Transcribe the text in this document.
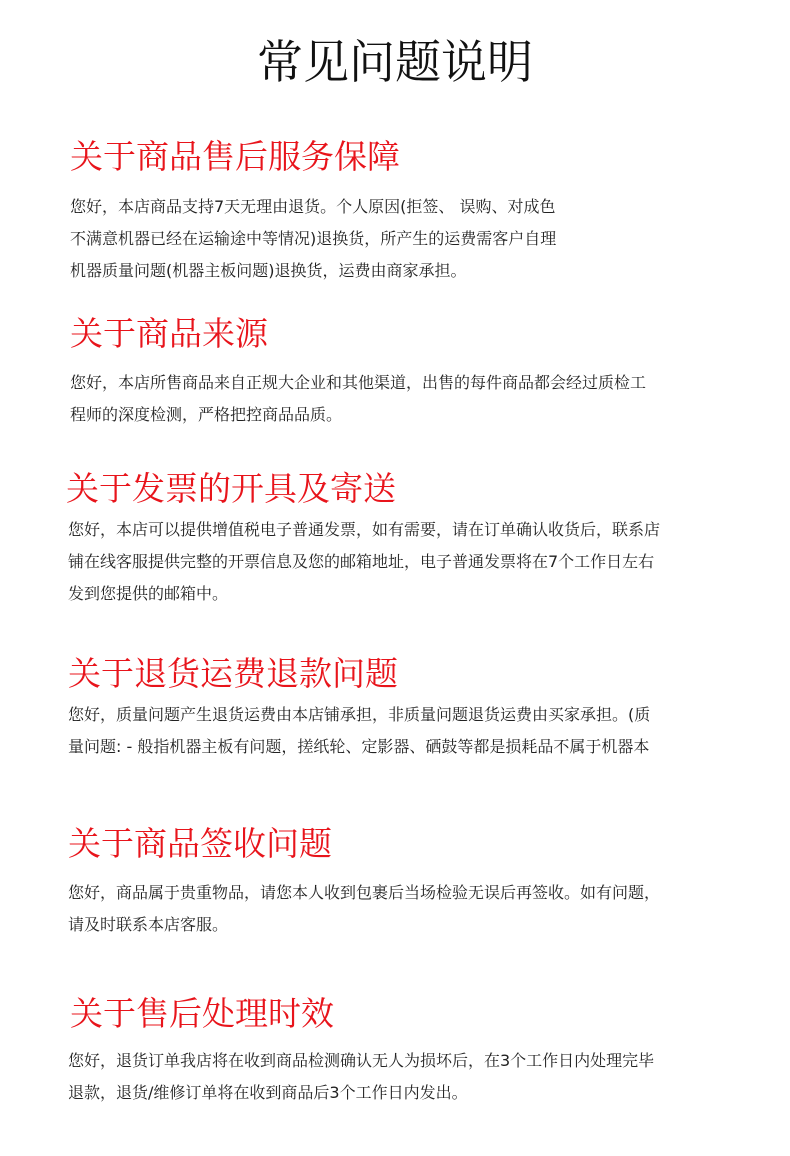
常见问题说明
关于商品售后服务保障

您好，本店商品支持7天无理由退货。个人原因(拒签、 误购、对成色
不满意机器已经在运输途中等情况)退换货，所产生的运费需客户自理
机器质量问题(机器主板问题)退换货，运费由商家承担。

关于商品来源

您好，本店所售商品来自正规大企业和其他渠道，出售的每件商品都会经过质检工
程师的深度检测，严格把控商品品质。

关于发票的开具及寄送

您好，本店可以提供增值税电子普通发票，如有需要，请在订单确认收货后，联系店
铺在线客服提供完整的开票信息及您的邮箱地址，电子普通发票将在7个工作日左右
发到您提供的邮箱中。

关于退货运费退款问题

您好，质量问题产生退货运费由本店铺承担，非质量问题退货运费由买家承担。(质
量问题: - 般指机器主板有问题，搓纸轮、定影器、硒鼓等都是损耗品不属于机器本

关于商品签收问题

您好，商品属于贵重物品，请您本人收到包裹后当场检验无误后再签收。如有问题，
请及时联系本店客服。

关于售后处理时效

您好，退货订单我店将在收到商品检测确认无人为损坏后，在3个工作日内处理完毕
退款，退货/维修订单将在收到商品后3个工作日内发出。
